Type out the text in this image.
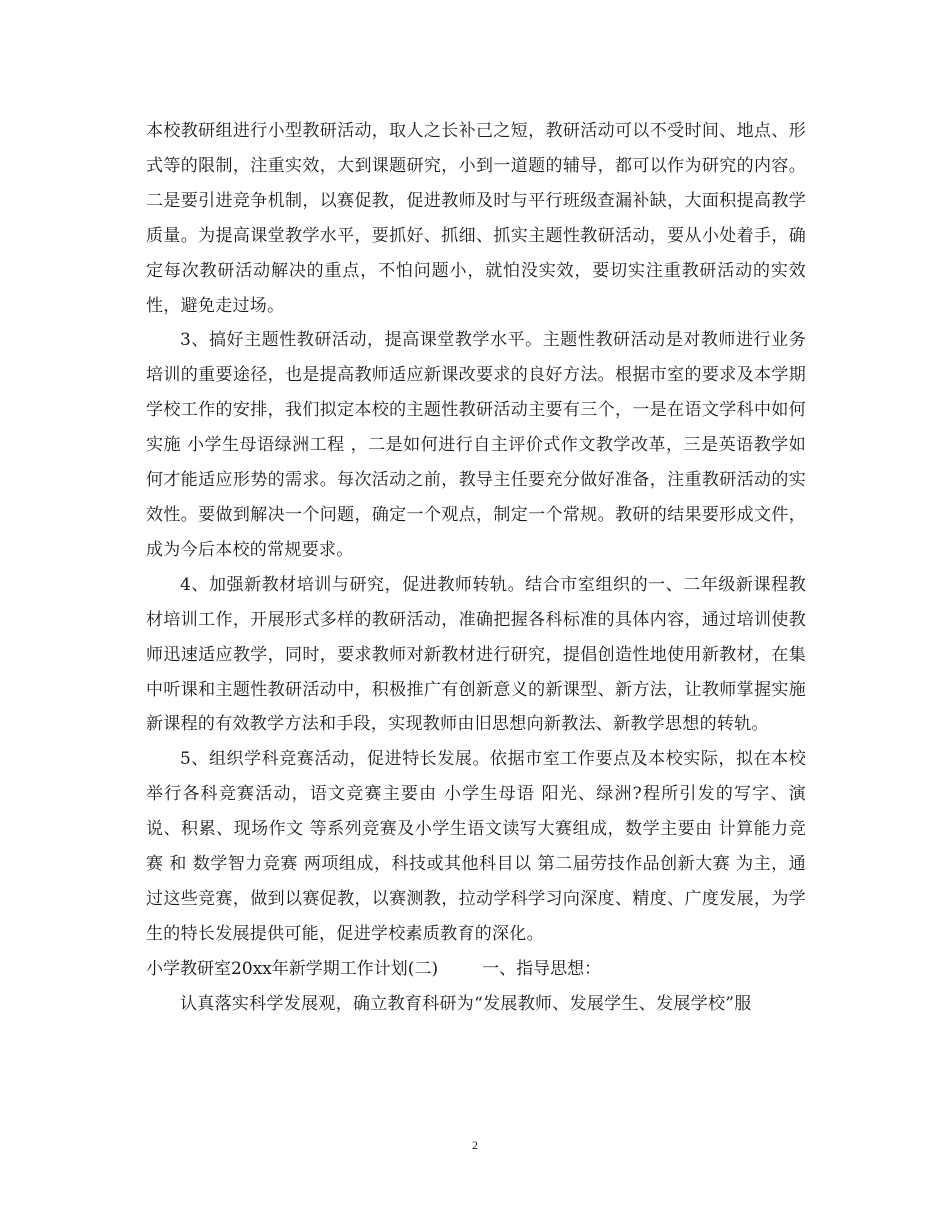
本校教研组进行小型教研活动，取人之长补己之短，教研活动可以不受时间、地点、形式等的限制，注重实效，大到课题研究，小到一道题的辅导，都可以作为研究的内容。二是要引进竞争机制，以赛促教，促进教师及时与平行班级查漏补缺，大面积提高教学质量。为提高课堂教学水平，要抓好、抓细、抓实主题性教研活动，要从小处着手，确定每次教研活动解决的重点，不怕问题小，就怕没实效，要切实注重教研活动的实效性，避免走过场。

3、搞好主题性教研活动，提高课堂教学水平。主题性教研活动是对教师进行业务培训的重要途径，也是提高教师适应新课改要求的良好方法。根据市室的要求及本学期学校工作的安排，我们拟定本校的主题性教研活动主要有三个，一是在语文学科中如何实施 小学生母语绿洲工程 ，二是如何进行自主评价式作文教学改革，三是英语教学如何才能适应形势的需求。每次活动之前，教导主任要充分做好准备，注重教研活动的实效性。要做到解决一个问题，确定一个观点，制定一个常规。教研的结果要形成文件，成为今后本校的常规要求。

4、加强新教材培训与研究，促进教师转轨。结合市室组织的一、二年级新课程教材培训工作，开展形式多样的教研活动，准确把握各科标准的具体内容，通过培训使教师迅速适应教学，同时，要求教师对新教材进行研究，提倡创造性地使用新教材，在集中听课和主题性教研活动中，积极推广有创新意义的新课型、新方法，让教师掌握实施新课程的有效教学方法和手段，实现教师由旧思想向新教法、新教学思想的转轨。

5、组织学科竞赛活动，促进特长发展。依据市室工作要点及本校实际，拟在本校举行各科竞赛活动，语文竞赛主要由 小学生母语 阳光、绿洲?程所引发的写字、演说、积累、现场作文 等系列竞赛及小学生语文读写大赛组成，数学主要由 计算能力竞赛 和 数学智力竞赛 两项组成，科技或其他科目以 第二届劳技作品创新大赛 为主，通过这些竞赛，做到以赛促教，以赛测教，拉动学科学习向深度、精度、广度发展，为学生的特长发展提供可能，促进学校素质教育的深化。

小学教研室20xx年新学期工作计划(二)	一、指导思想：

认真落实科学发展观，确立教育科研为“发展教师、发展学生、发展学校”服

2
